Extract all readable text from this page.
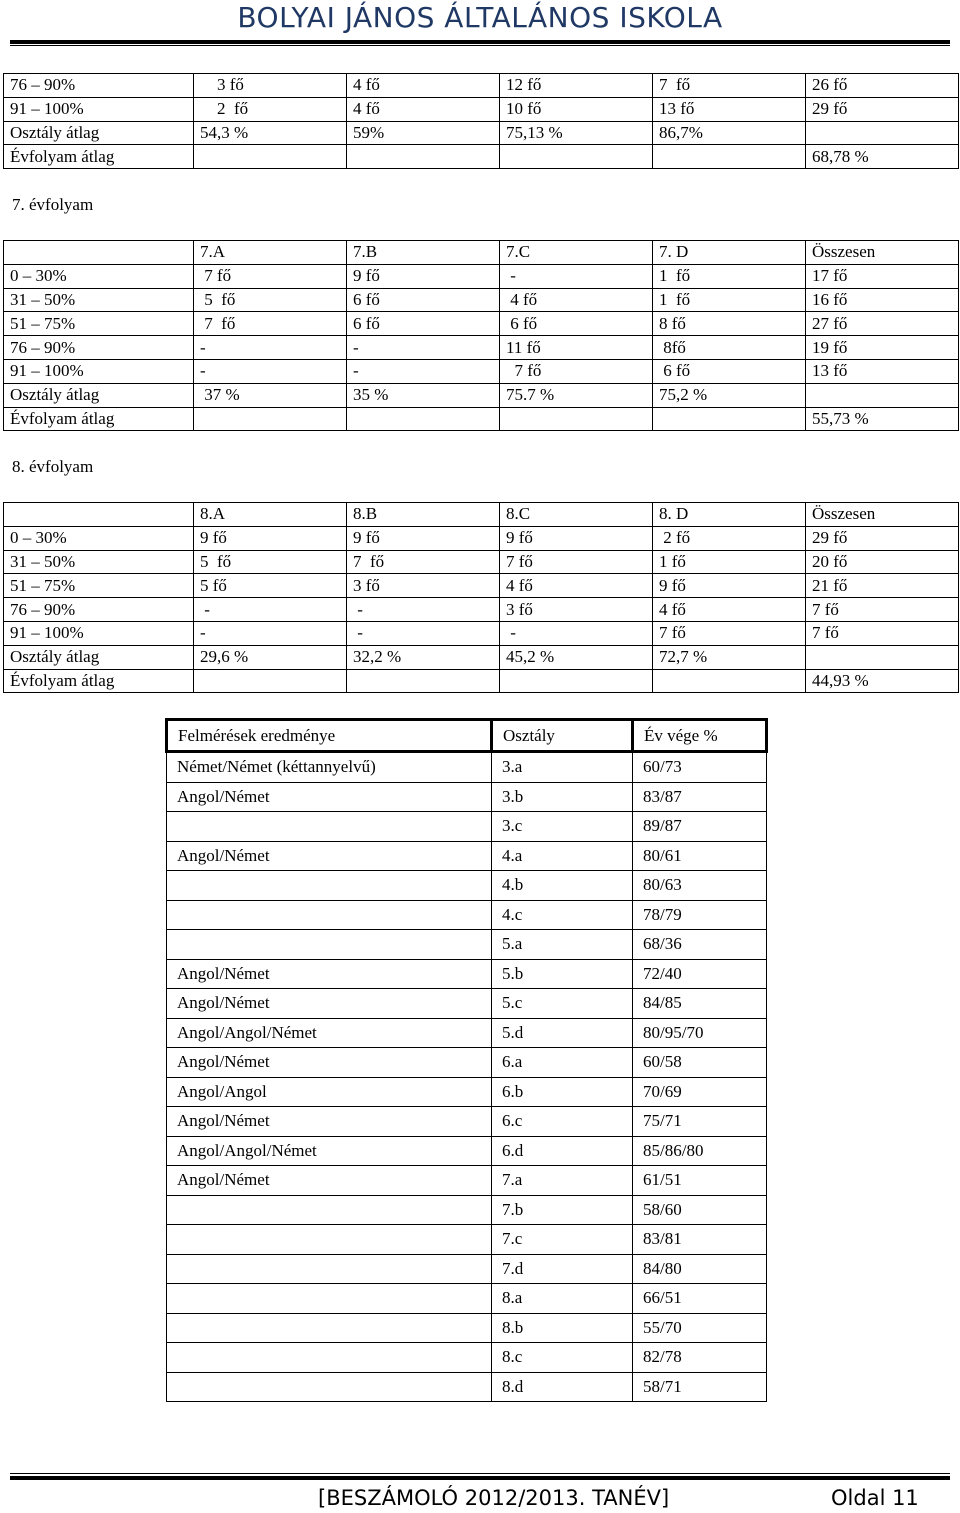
BOLYAI JÁNOS ÁLTALÁNOS ISKOLA
76 – 90%	3 fő	4 fő	12 fő	7  fő	26 fő
91 – 100%	2  fő	4 fő	10 fő	13 fő	29 fő
Osztály átlag	54,3 %	59%	75,13 %	86,7%	
Évfolyam átlag					68,78 %
7. évfolyam
	7.A	7.B	7.C	7. D	Összesen
0 – 30%	7 fő	9 fő	-	1  fő	17 fő
31 – 50%	5  fő	6 fő	4 fő	1  fő	16 fő
51 – 75%	7  fő	6 fő	6 fő	8 fő	27 fő
76 – 90%	-	-	11 fő	8fő	19 fő
91 – 100%	-	-	7 fő	6 fő	13 fő
Osztály átlag	37 %	35 %	75.7 %	75,2 %	
Évfolyam átlag					55,73 %
8. évfolyam
	8.A	8.B	8.C	8. D	Összesen
0 – 30%	9 fő	9 fő	9 fő	2 fő	29 fő
31 – 50%	5  fő	7  fő	7 fő	1 fő	20 fő
51 – 75%	5 fő	3 fő	4 fő	9 fő	21 fő
76 – 90%	-	-	3 fő	4 fő	7 fő
91 – 100%	-	-	-	7 fő	7 fő
Osztály átlag	29,6 %	32,2 %	45,2 %	72,7 %	
Évfolyam átlag					44,93 %
Felmérések eredménye	Osztály	Év vége %
Német/Német (kéttannyelvű)	3.a	60/73
Angol/Német	3.b	83/87
	3.c	89/87
Angol/Német	4.a	80/61
	4.b	80/63
	4.c	78/79
	5.a	68/36
Angol/Német	5.b	72/40
Angol/Német	5.c	84/85
Angol/Angol/Német	5.d	80/95/70
Angol/Német	6.a	60/58
Angol/Angol	6.b	70/69
Angol/Német	6.c	75/71
Angol/Angol/Német	6.d	85/86/80
Angol/Német	7.a	61/51
	7.b	58/60
	7.c	83/81
	7.d	84/80
	8.a	66/51
	8.b	55/70
	8.c	82/78
	8.d	58/71
[BESZÁMOLÓ 2012/2013. TANÉV]	Oldal 11
